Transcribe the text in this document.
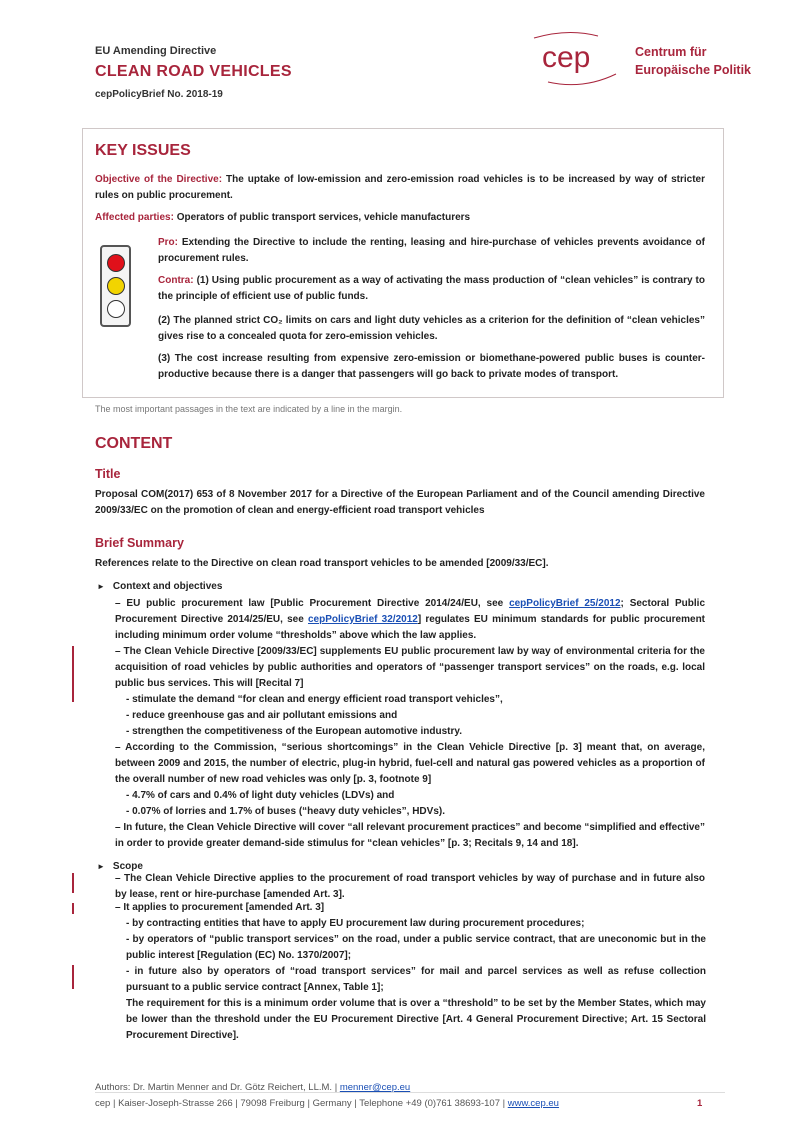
EU Amending Directive
CLEAN ROAD VEHICLES
cepPolicyBrief No. 2018-19
cep	Centrum für
Europäische Politik
KEY ISSUES
Objective of the Directive: The uptake of low-emission and zero-emission road vehicles is to be increased by way of stricter rules on public procurement.
Affected parties: Operators of public transport services, vehicle manufacturers
Pro: Extending the Directive to include the renting, leasing and hire-purchase of vehicles prevents avoidance of procurement rules.
Contra: (1) Using public procurement as a way of activating the mass production of “clean vehicles” is contrary to the principle of efficient use of public funds.
(2) The planned strict CO₂ limits on cars and light duty vehicles as a criterion for the definition of “clean vehicles” gives rise to a concealed quota for zero-emission vehicles.
(3) The cost increase resulting from expensive zero-emission or biomethane-powered public buses is counter-productive because there is a danger that passengers will go back to private modes of transport.
The most important passages in the text are indicated by a line in the margin.
CONTENT
Title
Proposal COM(2017) 653 of 8 November 2017 for a Directive of the European Parliament and of the Council amending Directive 2009/33/EC on the promotion of clean and energy-efficient road transport vehicles
Brief Summary
References relate to the Directive on clean road transport vehicles to be amended [2009/33/EC].
► Context and objectives
– EU public procurement law [Public Procurement Directive 2014/24/EU, see cepPolicyBrief 25/2012; Sectoral Public Procurement Directive 2014/25/EU, see cepPolicyBrief 32/2012] regulates EU minimum standards for public procurement including minimum order volume “thresholds” above which the law applies.
– The Clean Vehicle Directive [2009/33/EC] supplements EU public procurement law by way of environmental criteria for the acquisition of road vehicles by public authorities and operators of “passenger transport services” on the roads, e.g. local public bus services. This will [Recital 7]
- stimulate the demand “for clean and energy efficient road transport vehicles”,
- reduce greenhouse gas and air pollutant emissions and
- strengthen the competitiveness of the European automotive industry.
– According to the Commission, “serious shortcomings” in the Clean Vehicle Directive [p. 3] meant that, on average, between 2009 and 2015, the number of electric, plug-in hybrid, fuel-cell and natural gas powered vehicles as a proportion of the overall number of new road vehicles was only [p. 3, footnote 9]
- 4.7% of cars and 0.4% of light duty vehicles (LDVs) and
- 0.07% of lorries and 1.7% of buses (“heavy duty vehicles”, HDVs).
– In future, the Clean Vehicle Directive will cover “all relevant procurement practices” and become “simplified and effective” in order to provide greater demand-side stimulus for “clean vehicles” [p. 3; Recitals 9, 14 and 18].
► Scope
– The Clean Vehicle Directive applies to the procurement of road transport vehicles by way of purchase and in future also by lease, rent or hire-purchase [amended Art. 3].
– It applies to procurement [amended Art. 3]
- by contracting entities that have to apply EU procurement law during procurement procedures;
- by operators of “public transport services” on the road, under a public service contract, that are uneconomic but in the public interest [Regulation (EC) No. 1370/2007];
- in future also by operators of “road transport services” for mail and parcel services as well as refuse collection pursuant to a public service contract [Annex, Table 1];
The requirement for this is a minimum order volume that is over a “threshold” to be set by the Member States, which may be lower than the threshold under the EU Procurement Directive [Art. 4 General Procurement Directive; Art. 15 Sectoral Procurement Directive].
Authors: Dr. Martin Menner and Dr. Götz Reichert, LL.M. | menner@cep.eu
cep | Kaiser-Joseph-Strasse 266 | 79098 Freiburg | Germany | Telephone +49 (0)761 38693-107 | www.cep.eu	1
